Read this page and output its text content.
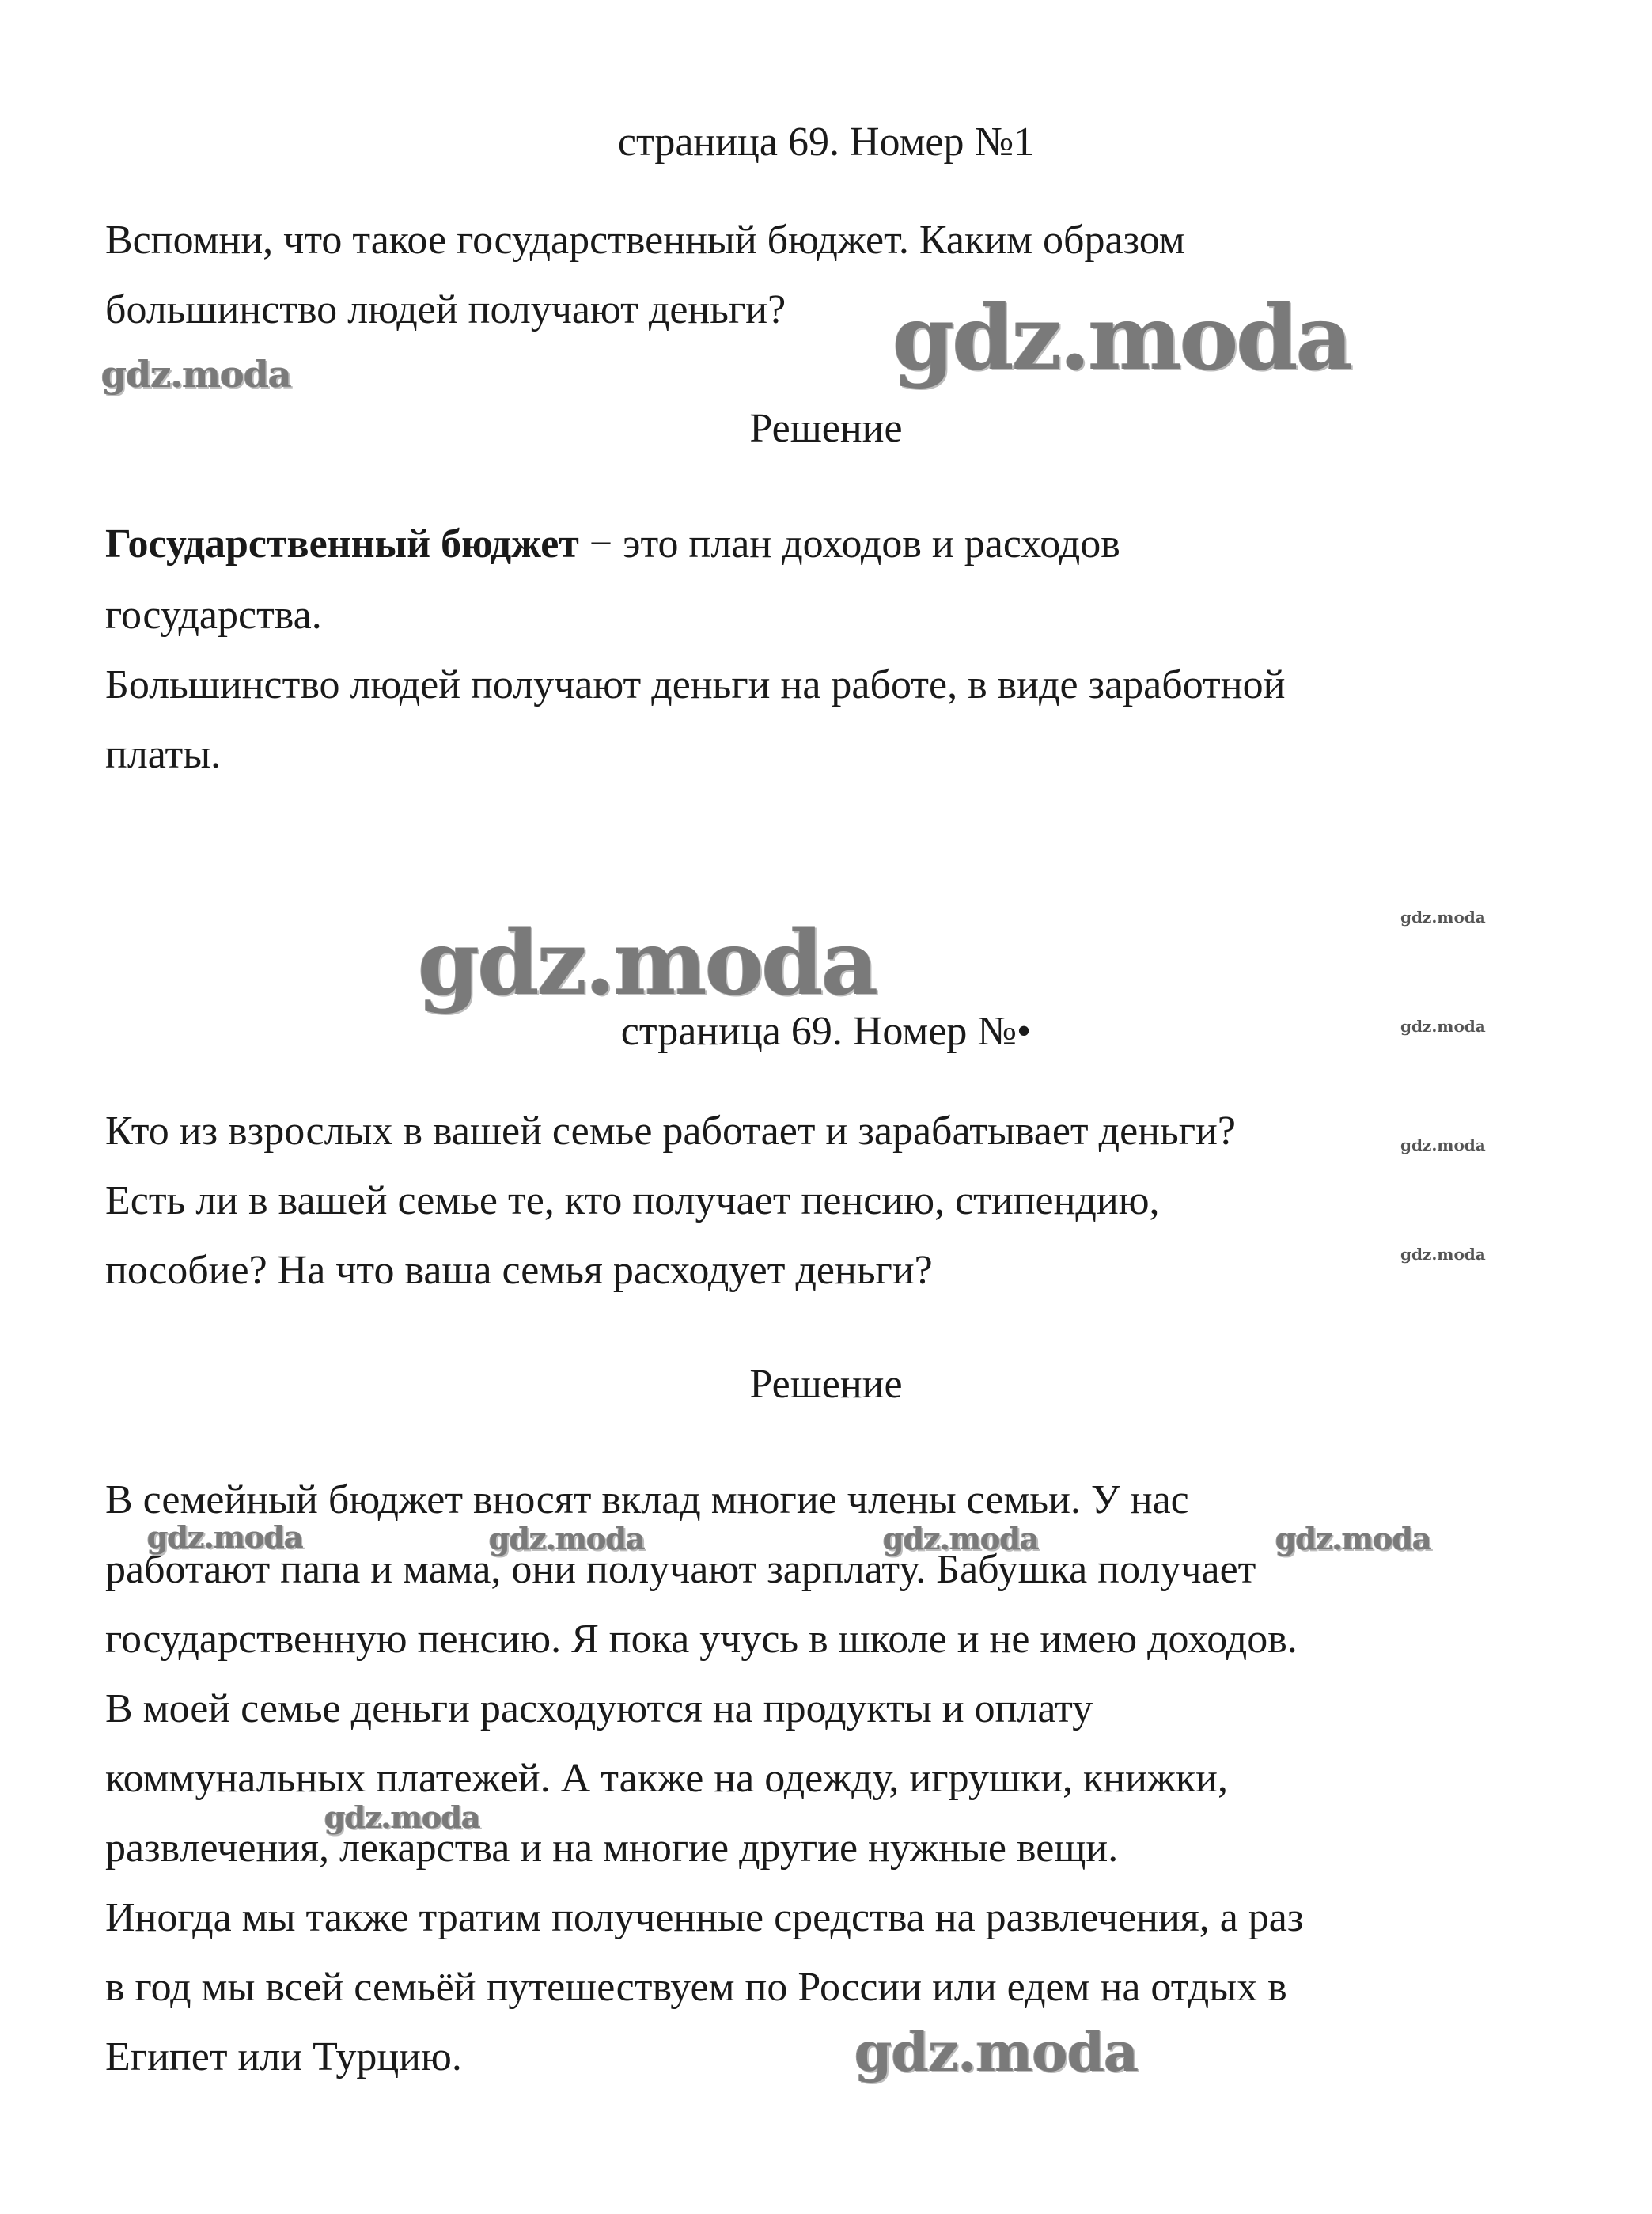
страница 69. Номер №1
Вспомни, что такое государственный бюджет. Каким образом
большинство людей получают деньги?
Решение
Государственный бюджет − это план доходов и расходов
государства.
Большинство людей получают деньги на работе, в виде заработной
платы.
страница 69. Номер №•
Кто из взрослых в вашей семье работает и зарабатывает деньги?
Есть ли в вашей семье те, кто получает пенсию, стипендию,
пособие? На что ваша семья расходует деньги?
Решение
В семейный бюджет вносят вклад многие члены семьи. У нас
работают папа и мама, они получают зарплату. Бабушка получает
государственную пенсию. Я пока учусь в школе и не имею доходов.
В моей семье деньги расходуются на продукты и оплату
коммунальных платежей. А также на одежду, игрушки, книжки,
развлечения, лекарства и на многие другие нужные вещи.
Иногда мы также тратим полученные средства на развлечения, а раз
в год мы всей семьёй путешествуем по России или едем на отдых в
Египет или Турцию.
gdz.moda
gdz.moda
gdz.moda	gdz.moda
gdz.moda
gdz.moda
gdz.moda
gdz.moda	gdz.moda	gdz.moda	gdz.moda
gdz.moda
gdz.moda
